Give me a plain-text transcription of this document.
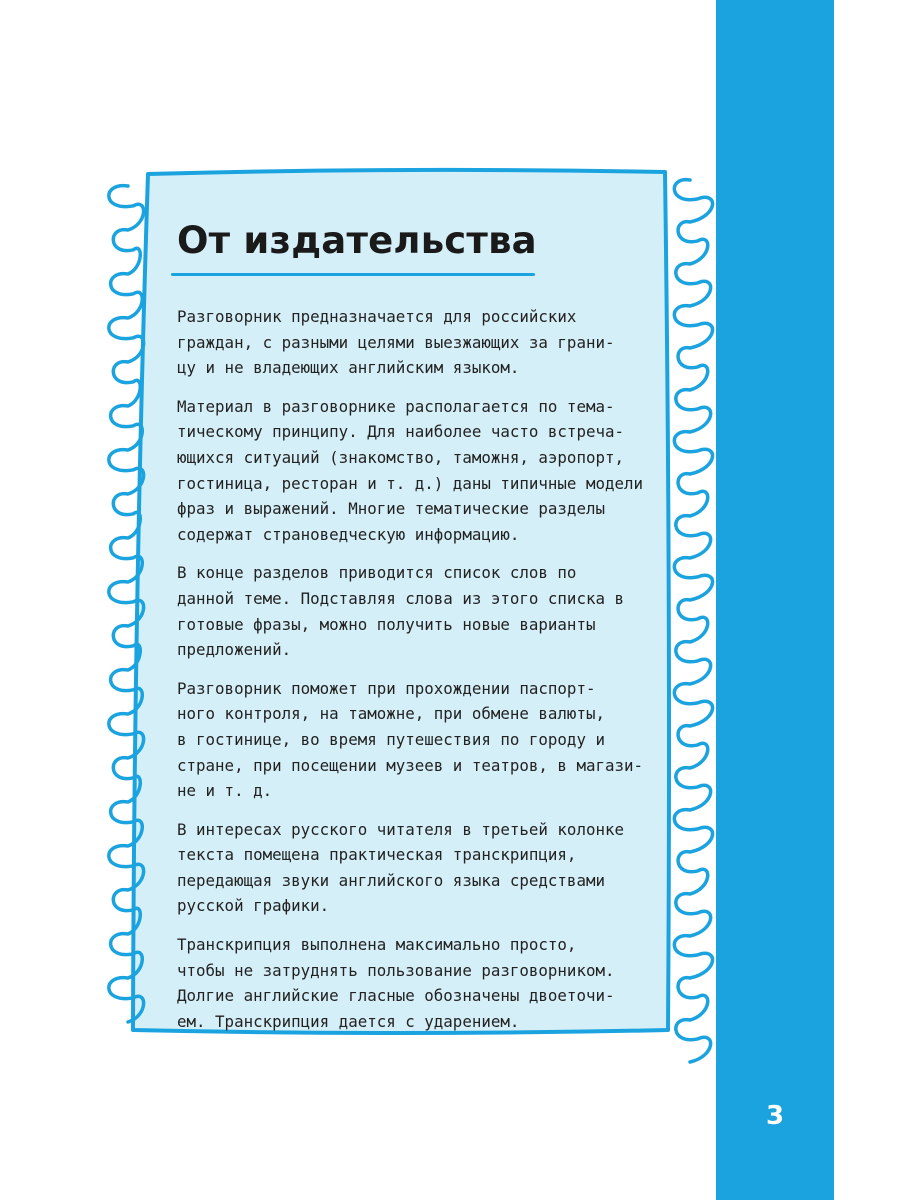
3
От издательства

Разговорник предназначается для российских
граждан, с разными целями выезжающих за грани-
цу и не владеющих английским языком.

Материал в разговорнике располагается по тема-
тическому принципу. Для наиболее часто встреча-
ющихся ситуаций (знакомство, таможня, аэропорт,
гостиница, ресторан и т. д.) даны типичные модели
фраз и выражений. Многие тематические разделы
содержат страноведческую информацию.

В конце разделов приводится список слов по
данной теме. Подставляя слова из этого списка в
готовые фразы, можно получить новые варианты
предложений.

Разговорник поможет при прохождении паспорт-
ного контроля, на таможне, при обмене валюты,
в гостинице, во время путешествия по городу и
стране, при посещении музеев и театров, в магази-
не и т. д.

В интересах русского читателя в третьей колонке
текста помещена практическая транскрипция,
передающая звуки английского языка средствами
русской графики.

Транскрипция выполнена максимально просто,
чтобы не затруднять пользование разговорником.
Долгие английские гласные обозначены двоеточи-
ем. Транскрипция дается с ударением.
